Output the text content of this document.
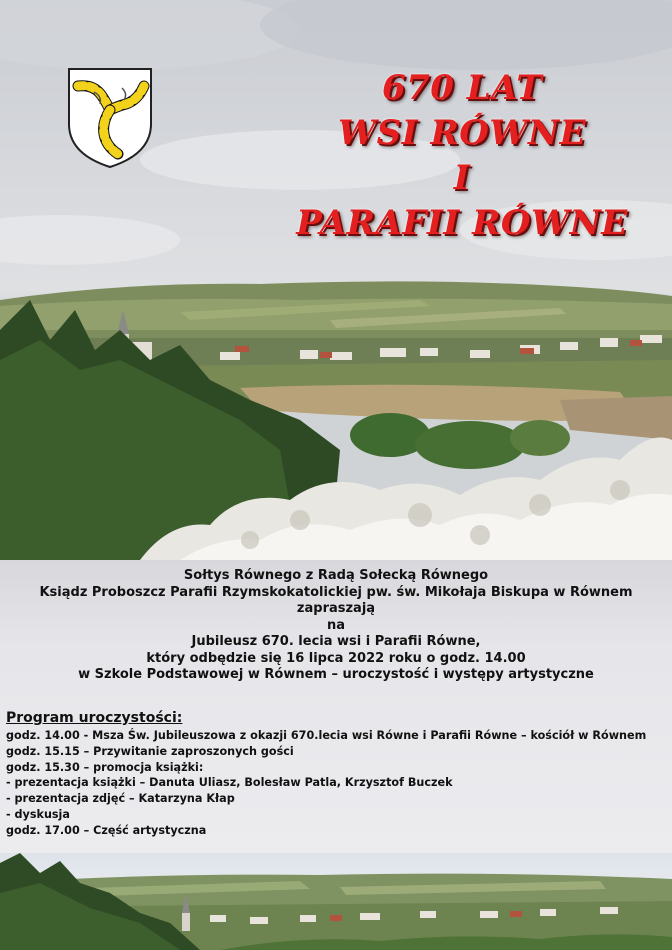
670 LAT
WSI RÓWNE
I
PARAFII RÓWNE
Sołtys Równego z Radą Sołecką Równego
Ksiądz Proboszcz Parafii Rzymskokatolickiej pw. św. Mikołaja Biskupa w Równem
zapraszają
na
Jubileusz 670. lecia wsi i Parafii Równe,
który odbędzie się 16 lipca 2022 roku o godz. 14.00
w Szkole Podstawowej w Równem – uroczystość i występy artystyczne
Program uroczystości:
godz. 14.00 - Msza Św. Jubileuszowa z okazji 670.lecia wsi Równe i Parafii Równe – kościół w Równem
godz. 15.15 – Przywitanie zaproszonych gości
godz. 15.30 – promocja książki:
- prezentacja książki – Danuta Uliasz, Bolesław Patla, Krzysztof Buczek
- prezentacja zdjęć – Katarzyna Kłap
- dyskusja
godz. 17.00 – Część artystyczna
